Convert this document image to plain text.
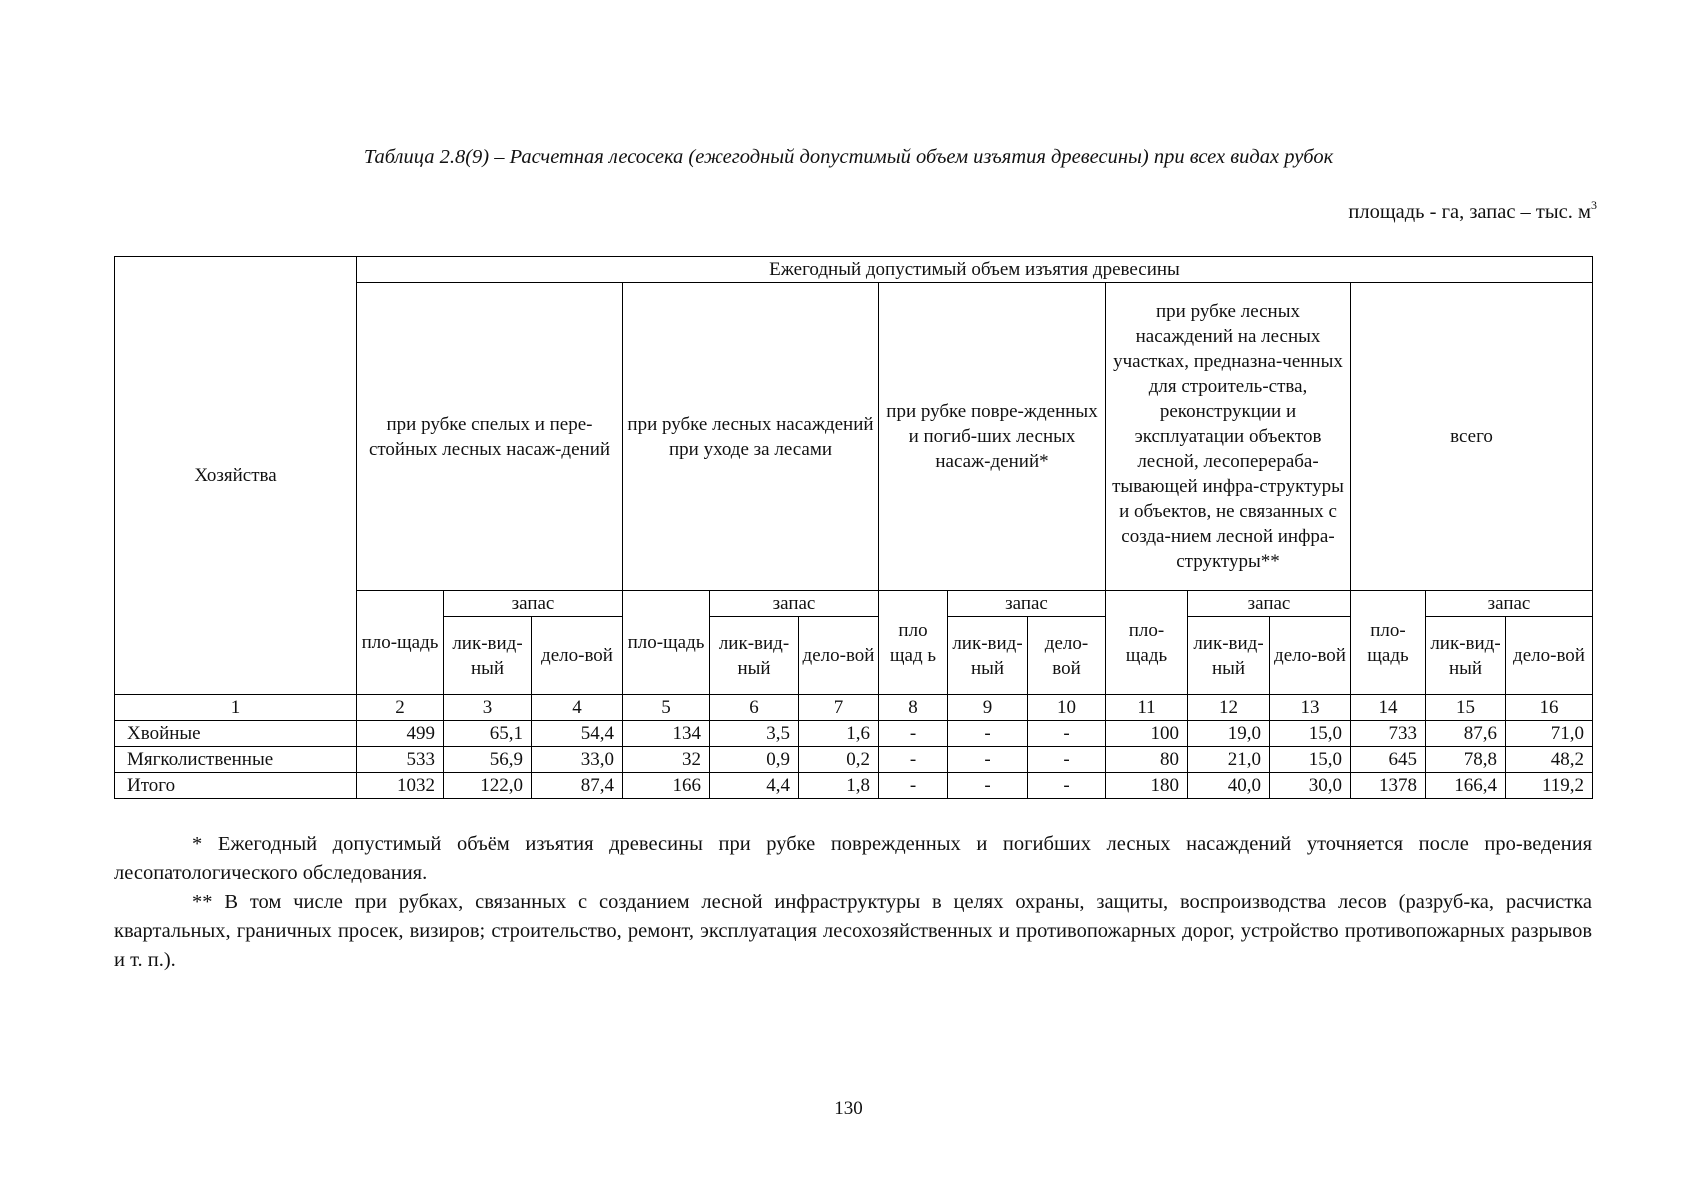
Таблица 2.8(9) – Расчетная лесосека (ежегодный допустимый объем изъятия древесины) при всех видах рубок
площадь - га, запас – тыс. $м^3$
Хозяйства	Ежегодный допустимый объем изъятия древесины														
	при рубке спелых и пере-стойных лесных насаж-дений			при рубке лесных насаждений при уходе за лесами			при рубке повре-жденных и погиб-ших лесных насаж-дений*			при рубке лесных насаждений на лесных участках, предназна-ченных для строитель-ства, реконструкции и эксплуатации объектов лесной, лесоперераба-тывающей инфра-структуры и объектов, не связанных с созда-нием лесной инфра-структуры**			всего		
	пло-щадь	запас		пло-щадь	запас		пло щад ь	запас		пло-щадь	запас		пло-щадь	запас	
		лик-вид-ный	дело-вой		лик-вид-ный	дело-вой		лик-вид-ный	дело-вой		лик-вид-ный	дело-вой		лик-вид-ный	дело-вой
1	2	3	4	5	6	7	8	9	10	11	12	13	14	15	16
Хвойные	499	65,1	54,4	134	3,5	1,6	-	-	-	100	19,0	15,0	733	87,6	71,0
Мягколиственные	533	56,9	33,0	32	0,9	0,2	-	-	-	80	21,0	15,0	645	78,8	48,2
Итого	1032	122,0	87,4	166	4,4	1,8	-	-	-	180	40,0	30,0	1378	166,4	119,2

* Ежегодный допустимый объём изъятия древесины при рубке поврежденных и погибших лесных насаждений уточняется после про-ведения лесопатологического обследования.

** В том числе при рубках, связанных с созданием лесной инфраструктуры в целях охраны, защиты, воспроизводства лесов (разруб-ка, расчистка квартальных, граничных просек, визиров; строительство, ремонт, эксплуатация лесохозяйственных и противопожарных дорог, устройство противопожарных разрывов и т. п.).

130
